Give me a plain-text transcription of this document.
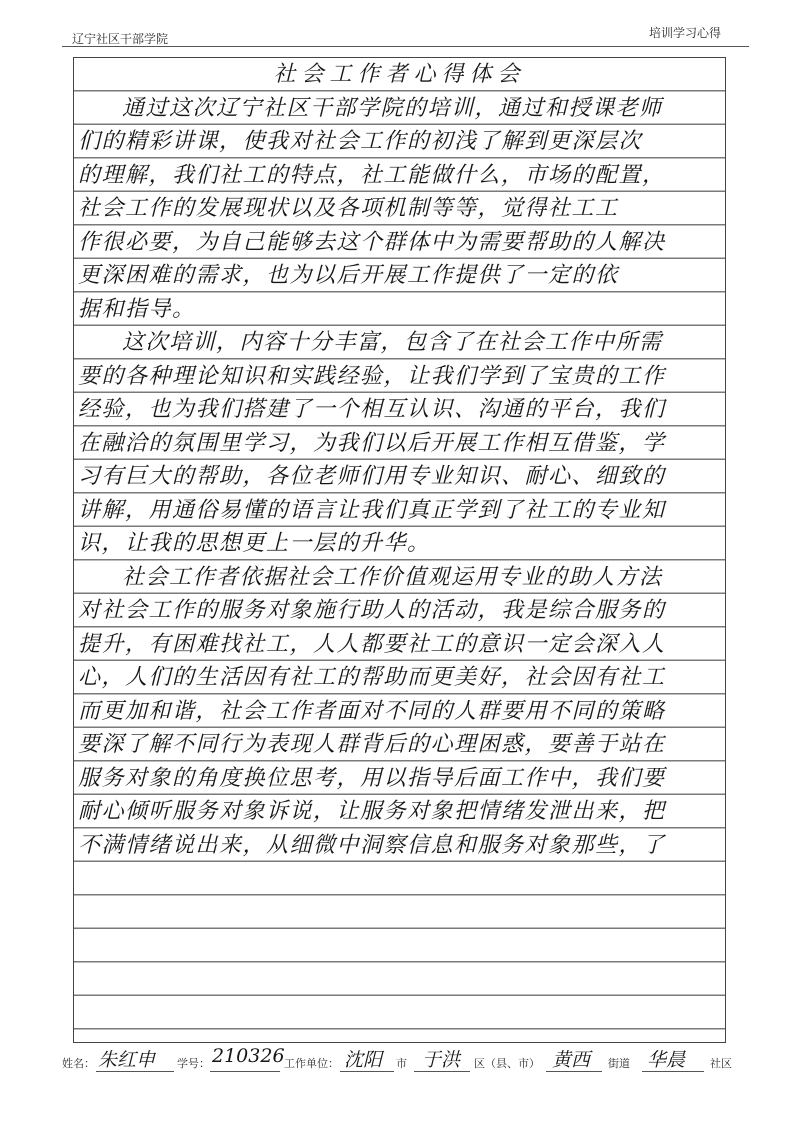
辽宁社区干部学院	培训学习心得
社会工作者心得体会
通过这次辽宁社区干部学院的培训，通过和授课老师
们的精彩讲课，使我对社会工作的初浅了解到更深层次
的理解，我们社工的特点，社工能做什么，市场的配置，
社会工作的发展现状以及各项机制等等，觉得社工工
作很必要，为自己能够去这个群体中为需要帮助的人解决
更深困难的需求，也为以后开展工作提供了一定的依
据和指导。
这次培训，内容十分丰富，包含了在社会工作中所需
要的各种理论知识和实践经验，让我们学到了宝贵的工作
经验，也为我们搭建了一个相互认识、沟通的平台，我们
在融洽的氛围里学习，为我们以后开展工作相互借鉴，学
习有巨大的帮助，各位老师们用专业知识、耐心、细致的
讲解，用通俗易懂的语言让我们真正学到了社工的专业知
识，让我的思想更上一层的升华。
社会工作者依据社会工作价值观运用专业的助人方法
对社会工作的服务对象施行助人的活动，我是综合服务的
提升，有困难找社工，人人都要社工的意识一定会深入人
心，人们的生活因有社工的帮助而更美好，社会因有社工
而更加和谐，社会工作者面对不同的人群要用不同的策略
要深了解不同行为表现人群背后的心理困惑，要善于站在
服务对象的角度换位思考，用以指导后面工作中，我们要
耐心倾听服务对象诉说，让服务对象把情绪发泄出来，把
不满情绪说出来，从细微中洞察信息和服务对象那些，了
姓名： 朱红申 学号： 210326 工作单位： 沈阳 市 于洪 区（县、市） 黄西 街道 华晨 社区
